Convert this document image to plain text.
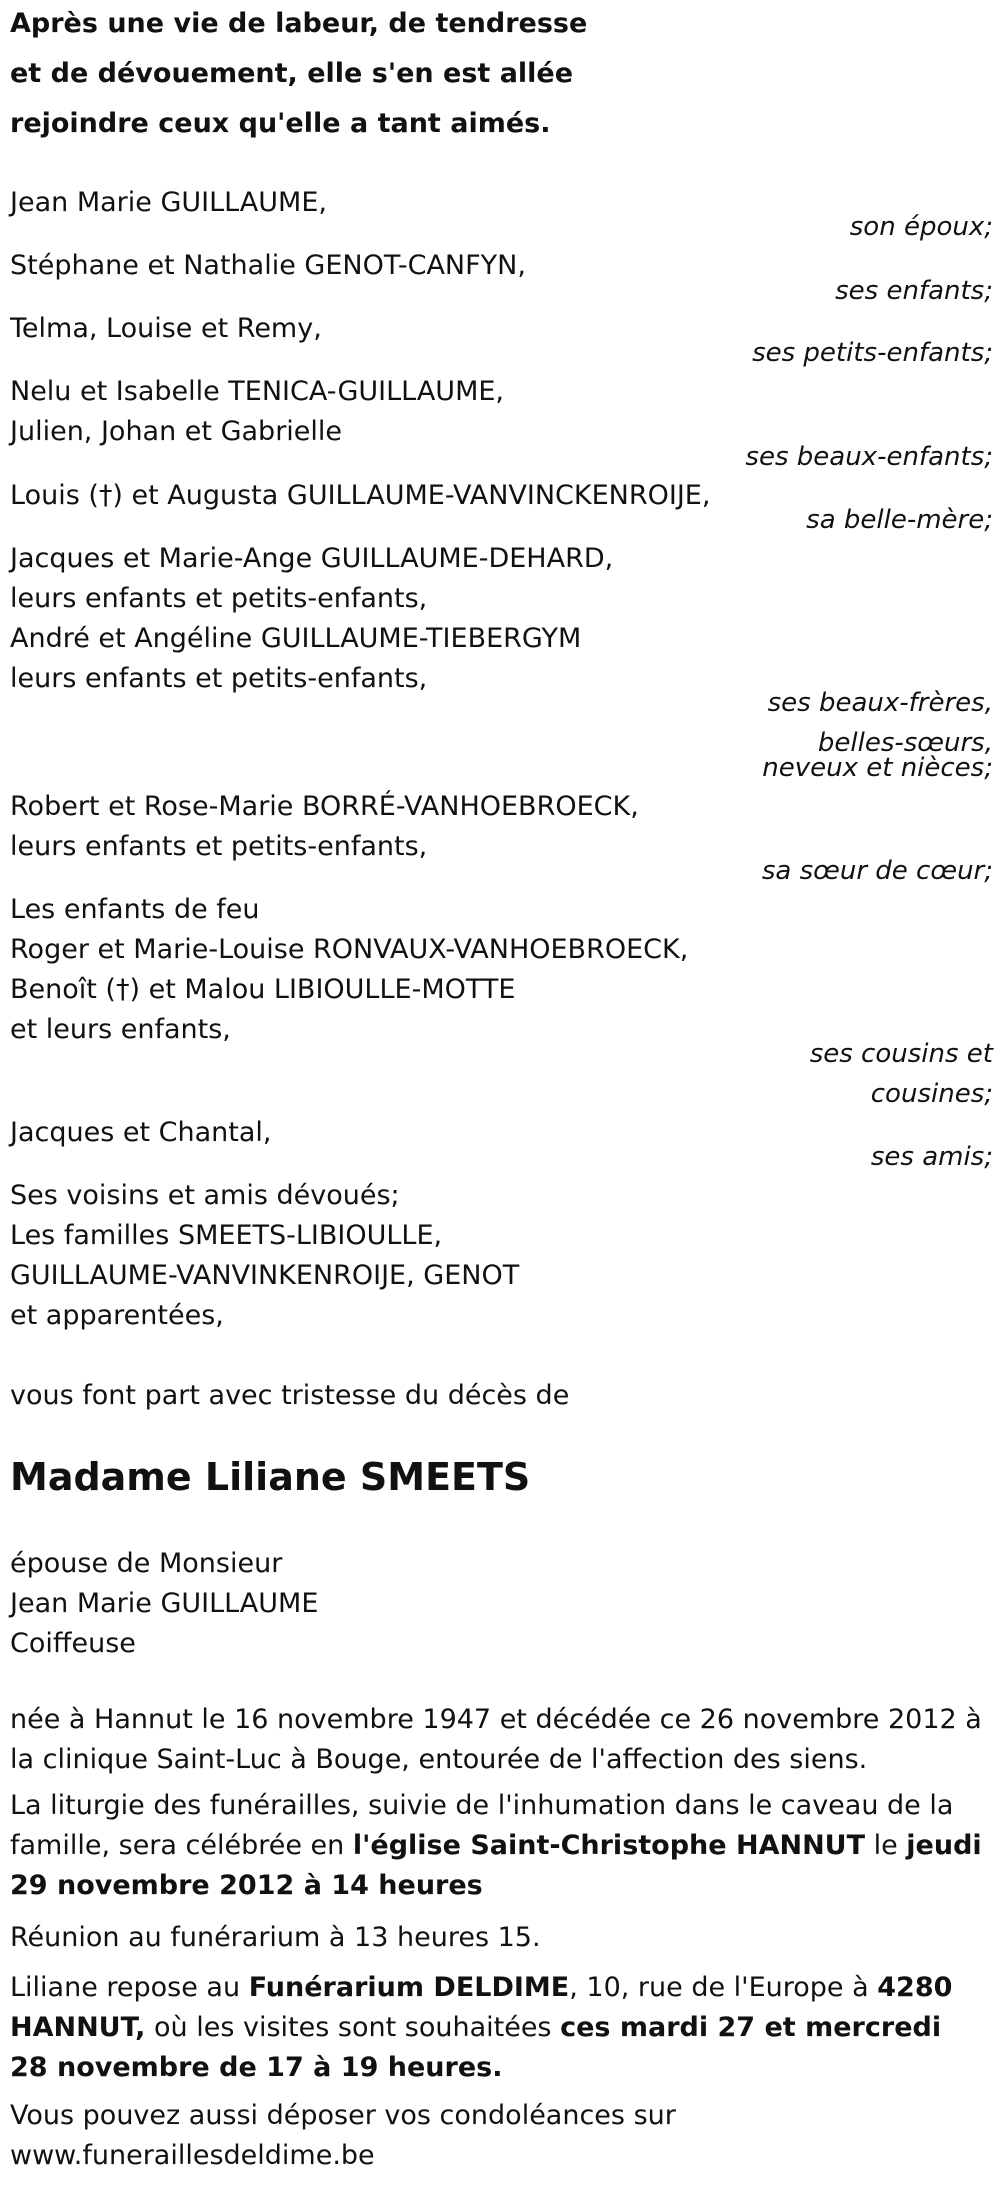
Après une vie de labeur, de tendresse
et de dévouement, elle s'en est allée
rejoindre ceux qu'elle a tant aimés.
Jean Marie GUILLAUME,
son époux;
Stéphane et Nathalie GENOT-CANFYN,
ses enfants;
Telma, Louise et Remy,
ses petits-enfants;
Nelu et Isabelle TENICA-GUILLAUME,
Julien, Johan et Gabrielle
ses beaux-enfants;
Louis (†) et Augusta GUILLAUME-VANVINCKENROIJE,
sa belle-mère;
Jacques et Marie-Ange GUILLAUME-DEHARD,
leurs enfants et petits-enfants,
André et Angéline GUILLAUME-TIEBERGYM
leurs enfants et petits-enfants,
ses beaux-frères,
belles-sœurs,
neveux et nièces;
Robert et Rose-Marie BORRÉ-VANHOEBROECK,
leurs enfants et petits-enfants,
sa sœur de cœur;
Les enfants de feu
Roger et Marie-Louise RONVAUX-VANHOEBROECK,
Benoît (†) et Malou LIBIOULLE-MOTTE
et leurs enfants,
ses cousins et
cousines;
Jacques et Chantal,
ses amis;
Ses voisins et amis dévoués;
Les familles SMEETS-LIBIOULLE,
GUILLAUME-VANVINKENROIJE, GENOT
et apparentées,
vous font part avec tristesse du décès de
Madame Liliane SMEETS
épouse de Monsieur
Jean Marie GUILLAUME
Coiffeuse
née à Hannut le 16 novembre 1947 et décédée ce 26 novembre 2012 à la clinique Saint-Luc à Bouge, entourée de l'affection des siens.
La liturgie des funérailles, suivie de l'inhumation dans le caveau de la famille, sera célébrée en l'église Saint-Christophe HANNUT le jeudi 29 novembre 2012 à 14 heures
Réunion au funérarium à 13 heures 15.
Liliane repose au Funérarium DELDIME, 10, rue de l'Europe à 4280 HANNUT, où les visites sont souhaitées ces mardi 27 et mercredi 28 novembre de 17 à 19 heures.
Vous pouvez aussi déposer vos condoléances sur
www.funeraillesdeldime.be
